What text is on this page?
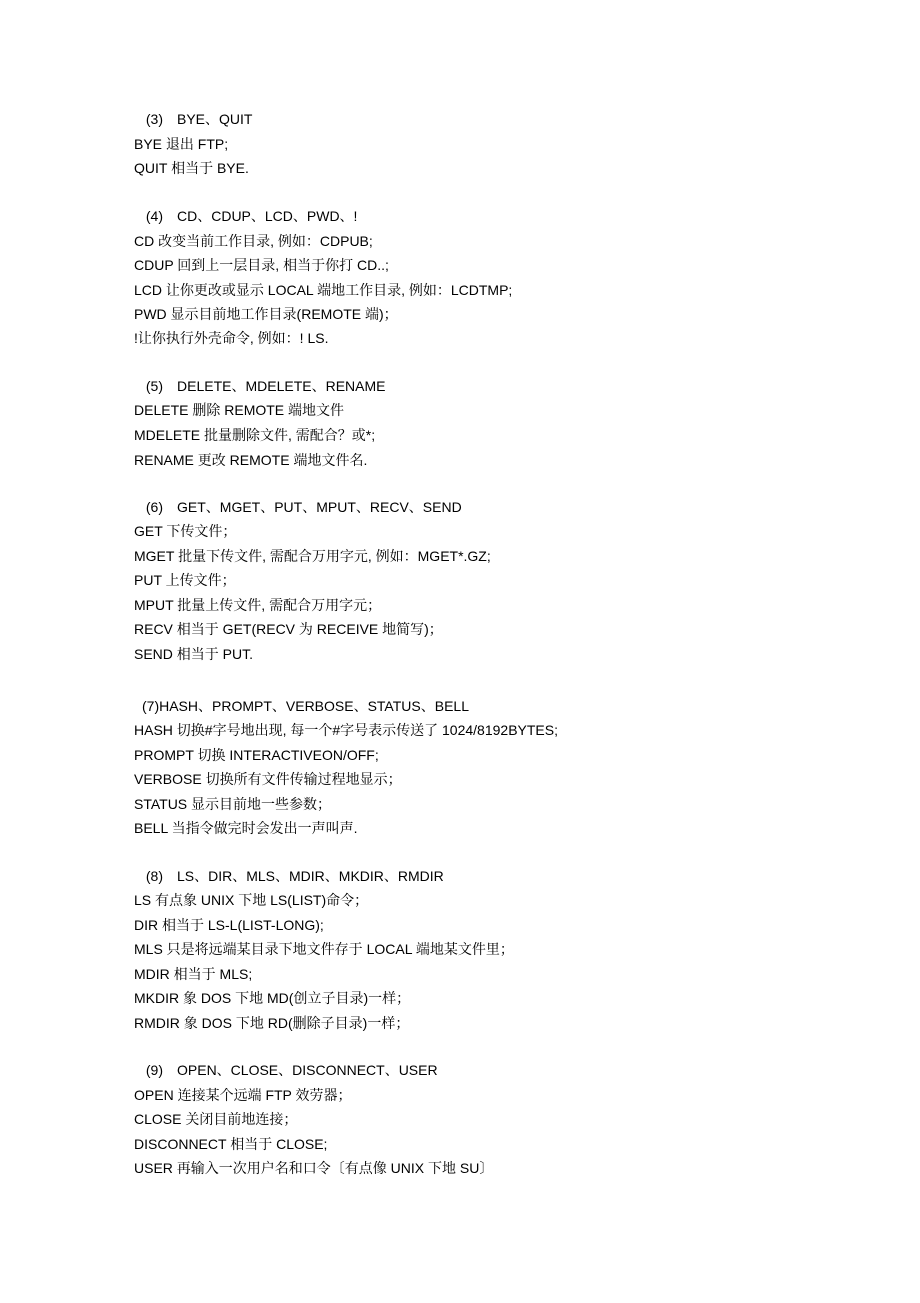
(3)　BYE、QUIT
BYE 退出 FTP;
QUIT 相当于 BYE.
(4)　CD、CDUP、LCD、PWD、!
CD 改变当前工作目录, 例如：CDPUB;
CDUP 回到上一层目录, 相当于你打 CD..;
LCD 让你更改或显示 LOCAL 端地工作目录, 例如：LCDTMP;
PWD 显示目前地工作目录(REMOTE 端)；
!让你执行外壳命令, 例如：! LS.
(5)　DELETE、MDELETE、RENAME
DELETE 删除 REMOTE 端地文件
MDELETE 批量删除文件, 需配合？或*;
RENAME 更改 REMOTE 端地文件名.
(6)　GET、MGET、PUT、MPUT、RECV、SEND
GET 下传文件；
MGET 批量下传文件, 需配合万用字元, 例如：MGET*.GZ;
PUT 上传文件；
MPUT 批量上传文件, 需配合万用字元；
RECV 相当于 GET(RECV 为 RECEIVE 地简写)；
SEND 相当于 PUT.
(7)HASH、PROMPT、VERBOSE、STATUS、BELL
HASH 切换#字号地出现, 每一个#字号表示传送了 1024/8192BYTES;
PROMPT 切换 INTERACTIVEON/OFF;
VERBOSE 切换所有文件传输过程地显示；
STATUS 显示目前地一些参数；
BELL 当指令做完时会发出一声叫声.
(8)　LS、DIR、MLS、MDIR、MKDIR、RMDIR
LS 有点象 UNIX 下地 LS(LIST)命令；
DIR 相当于 LS-L(LIST-LONG);
MLS 只是将远端某目录下地文件存于 LOCAL 端地某文件里；
MDIR 相当于 MLS;
MKDIR 象 DOS 下地 MD(创立子目录)一样；
RMDIR 象 DOS 下地 RD(删除子目录)一样；
(9)　OPEN、CLOSE、DISCONNECT、USER
OPEN 连接某个远端 FTP 效劳器；
CLOSE 关闭目前地连接；
DISCONNECT 相当于 CLOSE;
USER 再输入一次用户名和口令〔有点像 UNIX 下地 SU〕
